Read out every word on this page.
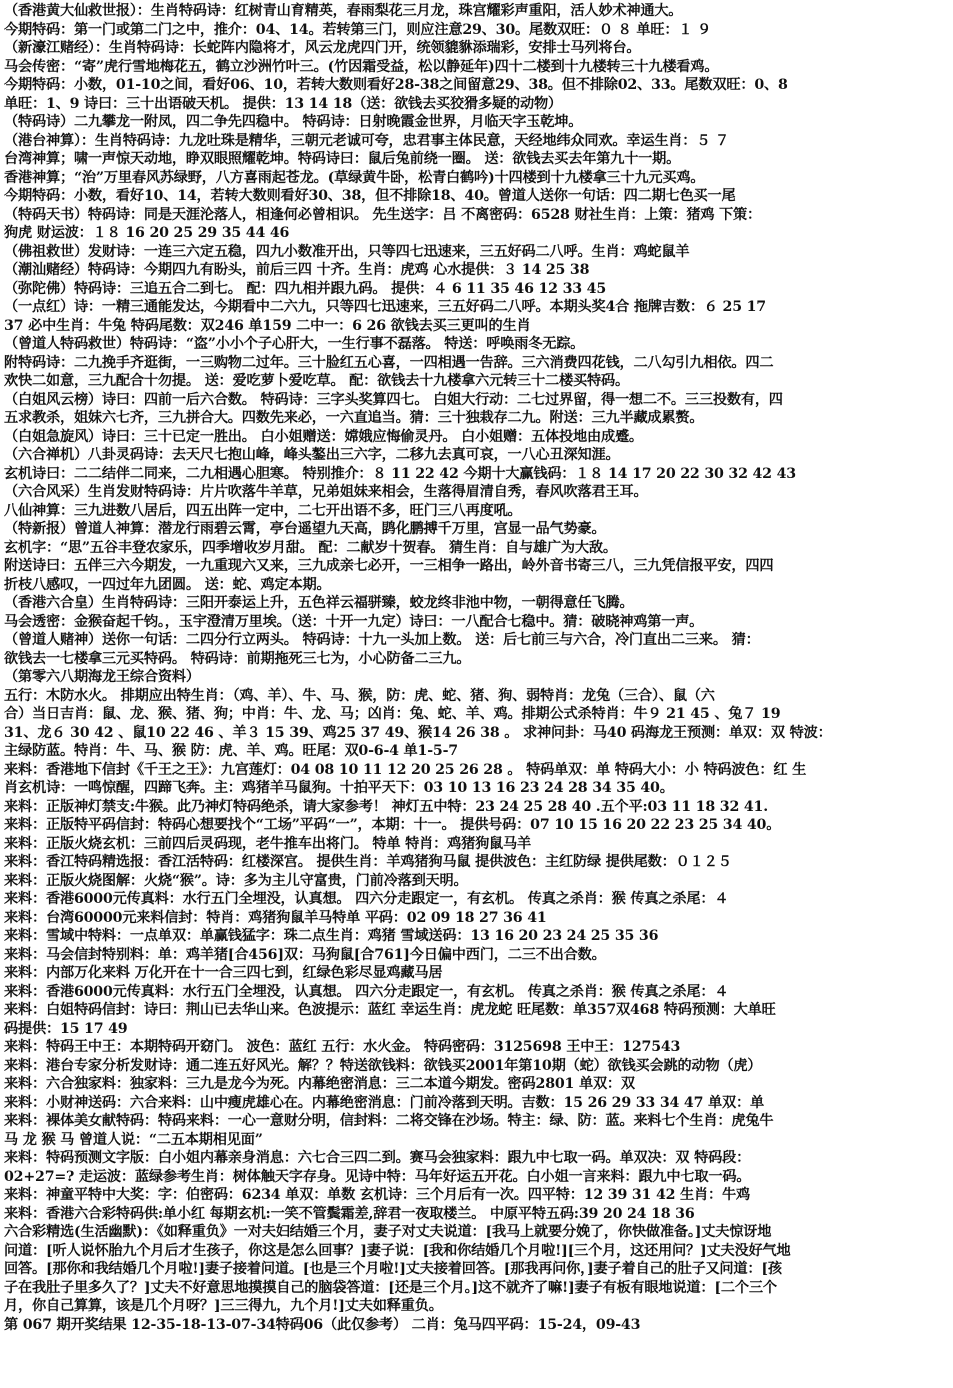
（香港黄大仙救世报）：生肖特码诗：红树青山育精英，春雨梨花三月龙，珠宫耀彩声重阳，活人妙术神通大。
今期特码：第一门或第二门之中，推介：04、14。若转第三门，则应注意29、30。尾数双旺：０ ８ 单旺：１ ９
（新濠江赌经）：生肖特码诗：长蛇阵内隐将才，风云龙虎四门开，统领貔貅添瑞彩，安排士马列将台。
马会传密：“寄”虎行雪地梅花五，鹤立沙洲竹叶三。(竹因霜受益，松以静延年)四十二楼到十九楼转三十九楼看鸡。
今期特码：小数，01-10之间，看好06、10，若转大数则看好28-38之间留意29、38。但不排除02、33。尾数双旺：0、8
单旺：1、9 诗曰：三十出语破天机。 提供：13 14 18（送：欲钱去买狡猾多疑的动物）
（特码诗）二九攀龙一附凤，四二争先四稳中。 特码诗：日射晚霞金世界，月临天字玉乾坤。
（港台神算）：生肖特码诗：九龙吐珠是精华，三朝元老诚可夸，忠君事主体民意，天经地纬众同欢。幸运生肖：５ ７
台湾神算；啸一声惊天动地，睁双眼照耀乾坤。特码诗曰：鼠后兔前绕一圈。 送：欲钱去买去年第九十一期。
香港神算；“治”万里春风苏绿野，八方喜雨起苍龙。(草绿黄牛卧，松青白鹤吟)十四楼到十九楼拿三十九元买鸡。
今期特码：小数，看好10、14，若转大数则看好30、38，但不排除18、40。曾道人送你一句话：四二期七色买一尾
（特码天书）特码诗：同是天涯沦落人，相逢何必曾相识。 先生送字：吕 不离密码：6528 财社生肖：上策：猪鸡 下策：
狗虎 财运波：１８ 16 20 25 29 35 44 46
（佛祖救世）发财诗：一连三六定五稳，四九小数准开出，只等四七迅速来，三五好码二八呼。生肖：鸡蛇鼠羊
（潮汕赌经）特码诗：今期四九有盼头，前后三四 十齐。生肖：虎鸡 心水提供：３ 14 25 38
（弥陀佛）特码诗：三追五合二到七。 配：四九相并跟九码。 提供：４ 6 11 35 46 12 33 45
（一点红）诗：一精三通能发达，今期看中二六九，只等四七迅速来，三五好码二八呼。本期头奖4合 拖牌吉数：６ 25 17
37 必中生肖：牛兔 特码尾数：双246 单159 二中一：6 26 欲钱去买三更叫的生肖
（曾道人特码救世）特码诗：“盗”小小个子心肝大，一生行事不磊落。 特送：呼唤雨冬无踪。
附特码诗：二九挽手齐逛街，一三购物二过年。三十脸红五心喜，一四相遇一告辞。三六消费四花钱，二八勾引九相依。四二
欢快二如意，三九配合十勿提。 送：爱吃萝卜爱吃草。 配：欲钱去十九楼拿六元转三十二楼买特码。
（白姐风云榜）诗曰：四前一后六合数。 特码诗：三字头奖算四七。 白姐大行动：二七过界留，得一想二不。三三投数有，四
五求教杀，姐妹六七齐，三九拼合大。四数先来必，一六直追当。猜：三十独栽存二九。附送：三九半藏成累赘。
（白姐急旋风）诗曰：三十已定一胜出。 白小姐赠送：嫦娥应悔偷灵丹。 白小姐赠：五体投地由成蹙。
（六合禅机）八卦灵码诗：去天尺七抱山峰，峰头鏊出三六字，二移九去真可哀，一八心丑深知涯。
玄机诗曰：二二结伴二同来，二九相遇心胆寒。 特别推介：８ 11 22 42 今期十大赢钱码：１８ 14 17 20 22 30 32 42 43
（六合风采）生肖发财特码诗：片片吹落牛羊草，兄弟姐妹来相会，生落得眉清自秀，春风吹落君王耳。
八仙神算：三九进数八居后，四五出阵一定中，二七开出语不多，旺门三八再度吼。
（特新报）曾道人神算：潜龙行雨碧云霄，亭台遥望九天高，鹍化鹏搏千万里，宫显一品气势豪。
玄机字：“思”五谷丰登农家乐，四季增收岁月甜。 配：二献岁十贺春。 猜生肖：自与雄广为大敌。
附送诗曰：五伴三六今期发，一九重现六又来，三九成亲七必开，一三相争一路出，岭外音书寄三八，三九凭信报平安，四四
折枝八感叹，一四过年九团圆。 送：蛇、鸡定本期。
（香港六合皇）生肖特码诗：三阳开泰运上升，五色祥云福骈臻，蛟龙终非池中物，一朝得意任飞腾。
马会透密：金猴奋起千钧。，玉宇澄清万里埃。（送：十开一九定）诗曰：一八配合七稳中。猜：破晓神鸡第一声。
（曾道人赌神）送你一句话：二四分行立两头。 特码诗：十九一头加上数。 送：后七前三与六合，冷门直出二三来。 猜：
欲钱去一七楼拿三元买特码。 特码诗：前期拖死三七为，小心防备二三九。
（第零六八期海龙王综合资料）
五行：木防水火。 排期应出特生肖：（鸡、羊）、牛、马、猴，防：虎、蛇、猪、狗、弱特肖：龙兔（三合）、鼠（六
合）当日吉肖：鼠、龙、猴、猪、狗；中肖：牛、龙、马；凶肖：兔、蛇、羊、鸡。排期公式杀特肖：牛９ 21 45 、兔７ 19
31、龙６ 30 42 、鼠10 22 46 、羊３ 15 39、鸡25 37 49、猴14 26 38 。 求神问卦：马40 码海龙王预测：单双：双 特波：
主绿防蓝。特肖：牛、马、猴 防：虎、羊、鸡。旺尾：双0-6-4 单1-5-7
来料：香港地下信封《千王之王》：九宫莲灯：04 08 10 11 12 20 25 26 28 。 特码单双：单 特码大小：小 特码波色：红 生
肖玄机诗：一鸣惊醒，四蹄飞奔。主：鸡猪羊马鼠狗。十拍平天下：03 10 13 16 23 24 28 34 35 40。
来料：正版神灯禁支:牛猴。此乃神灯特码绝杀，请大家参考！ 神灯五中特：23 24 25 28 40 .五个平:03 11 18 32 41.
来料：正版特平码信封：特码心想要找个“工场”平码“一”，本期：十一。 提供号码：07 10 15 16 20 22 23 25 34 40。
来料：正版火烧玄机：三前四后灵码现，老牛推车出将门。 特单 特肖：鸡猪狗鼠马羊
来料：香江特码精选报：香江活特码：红楼深宫。 提供生肖：羊鸡猪狗马鼠 提供波色：主红防绿 提供尾数：０１２５
来料：正版火烧图解：火烧“猴”。诗：多为主儿守富贵，门前冷落到天明。
来料：香港6000元传真料：水行五门全埋没，认真想。 四六分走跟定一，有玄机。 传真之杀肖：猴 传真之杀尾：４
来料：台湾60000元来料信封：特肖：鸡猪狗鼠羊马特单 平码：02 09 18 27 36 41
来料：雪域中特料：一点单双：单赢钱猛字：珠二点生肖：鸡猪 雪域送码：13 16 20 23 24 25 35 36
来料：马会信封特别料：单：鸡羊猪[合456]双：马狗鼠[合761]今日偏中西门，二三不出合数。
来料：内部万化来料 万化开在十一合三四七到，红绿色彩尽显鸡藏马居
来料：香港6000元传真料：水行五门全埋没，认真想。 四六分走跟定一，有玄机。 传真之杀肖：猴 传真之杀尾：４
来料：白姐特码信封：诗曰：荆山已去华山来。色波提示：蓝红 幸运生肖：虎龙蛇 旺尾数：单357双468 特码预测：大单旺
码提供：15 17 49
来料：特码王中王：本期特码开窈门。 波色：蓝红 五行：水火金。 特码密码：3125698 王中王：127543
来料：港台专家分析发财诗：通二连五好风光。解？？特送欲钱料：欲钱买2001年第10期（蛇）欲钱买会跳的动物（虎）
来料：六合独家料：独家料：三九是龙今为死。内幕绝密消息：三二本道今期发。密码2801 单双：双
来料：小财神送码：六合来料：山中瘦虎雄心在。内幕绝密消息：门前冷落到天明。吉数：15 26 29 33 34 47 单双：单
来料：裸体美女献特码：特码来料：一心一意财分明，信封料：二将交锋在沙场。特主：绿、防：蓝。来料七个生肖：虎兔牛
马 龙 猴 马 曾道人说：“二五本期相见面”
来料：特码预测文字版：白小姐内幕亲身消息：六七合三四二到。赛马会独家料：跟九中七取一码。单双决：双 特码段：
02+27=? 走运波：蓝绿参考生肖：树体触天字存身。见诗中特：马年好运五开花。白小姐一言来料：跟九中七取一码。
来料：神童平特中大奖：字：伯密码：6234 单双：单数 玄机诗：三个月后有一次。四平特：12 39 31 42 生肖：牛鸡
来料：香港六合彩特码供:单小红 每期玄机:一笑不管鬓霜差,辞君一夜取楼兰。 中原平特五码:39 20 24 18 36
六合彩精选(生活幽默)：《如释重负》一对夫妇结婚三个月，妻子对丈夫说道：[我马上就要分娩了，你快做准备。]丈夫惊讶地
问道：[听人说怀胎九个月后才生孩子，你这是怎么回事？]妻子说：[我和你结婚几个月啦!][三个月，这还用问？]丈夫没好气地
回答。[那你和我结婚几个月啦!]妻子接着问道。[也是三个月啦!]丈夫接着回答。[那我再问你，]妻子着自己的肚子又问道：[孩
子在我肚子里多久了？]丈夫不好意思地摸摸自己的脑袋答道：[还是三个月。]这不就齐了嘛!]妻子有板有眼地说道：[二个三个
月，你自己算算，该是几个月呀？]三三得九，九个月!]丈夫如释重负。
第 067 期开奖结果 12-35-18-13-07-34特码06（此仅参考） 二肖：兔马四平码：15-24，09-43
